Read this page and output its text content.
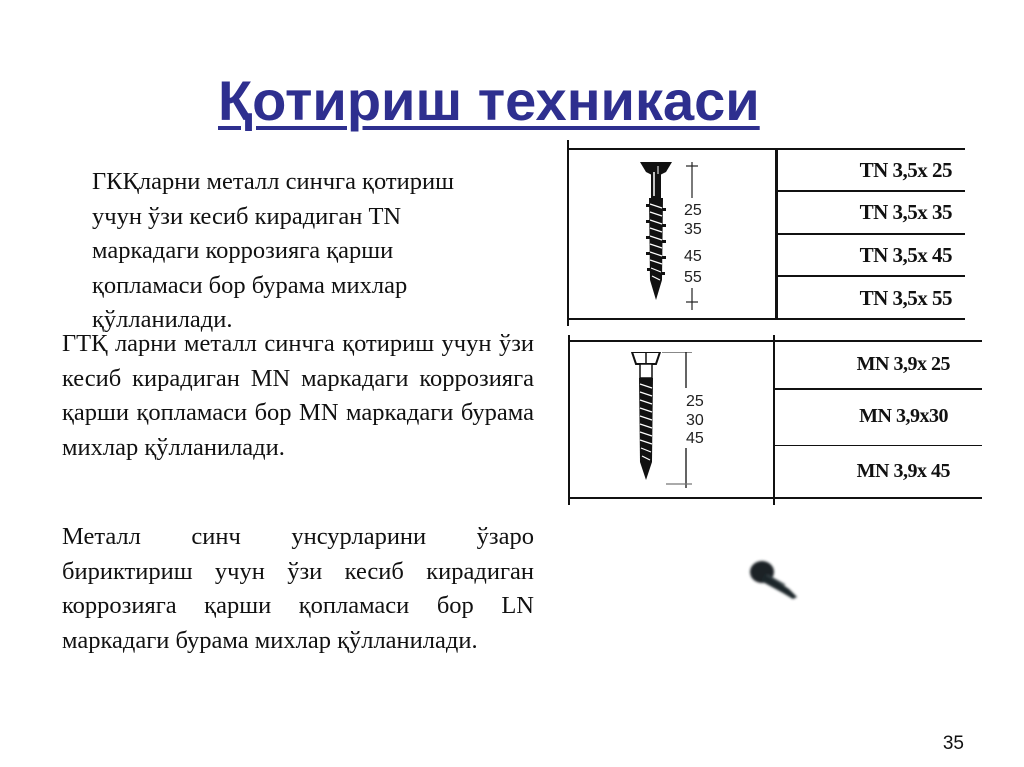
Қотириш техникаси
ГКҚларни металл синчга қотириш
учун ўзи кесиб кирадиган TN
маркадаги коррозияга қарши
қопламаси бор бурама михлар
қўлланилади.

ГТҚ ларни металл синчга қотириш учун ўзи кесиб кирадиган MN маркадаги коррозияга қарши қопламаси бор MN маркадаги бурама михлар қўлланилади.

Металл синч унсурларини ўзаро бириктириш учун ўзи кесиб кирадиган коррозияга қарши қопламаси бор LN маркадаги бурама михлар қўлланилади.

25
35
45
55
TN 3,5x 25
TN 3,5x 35
TN 3,5x 45
TN 3,5x 55
25
30
45
MN 3,9x 25
MN 3,9x30
MN 3,9x 45
35
